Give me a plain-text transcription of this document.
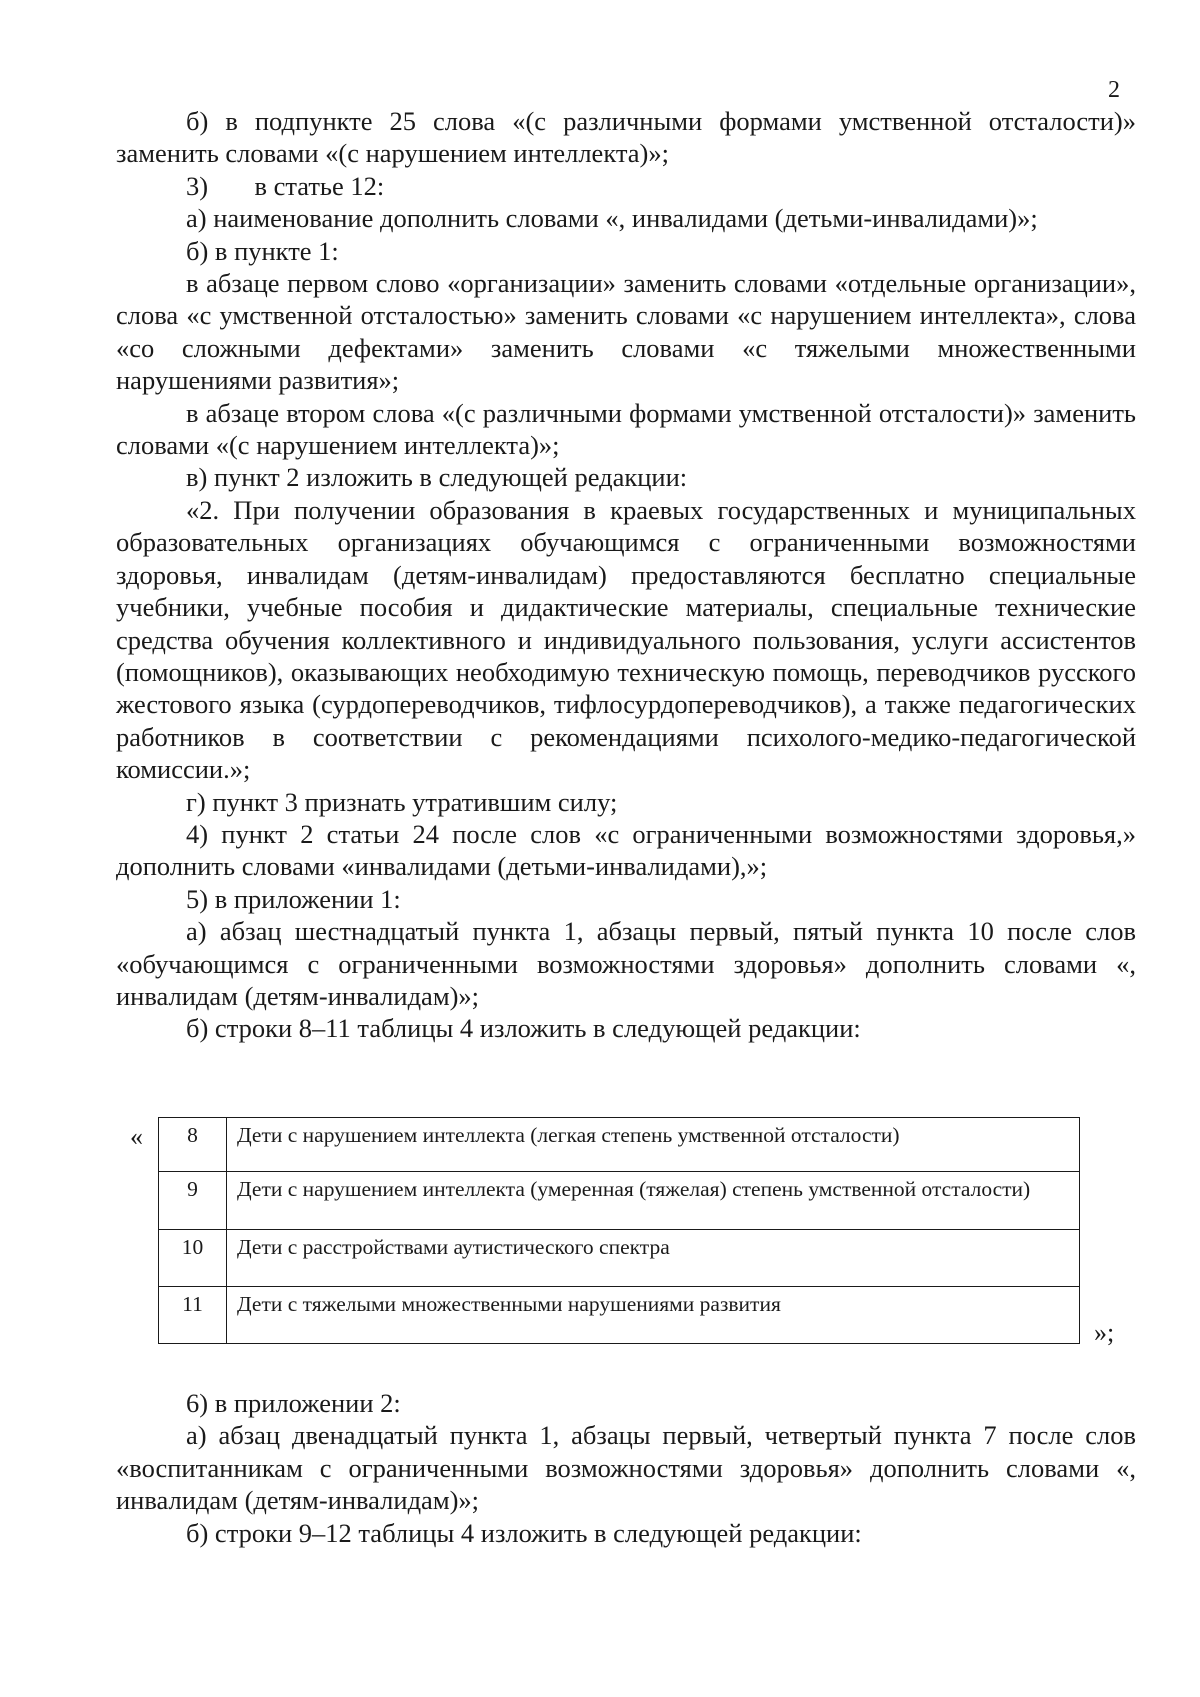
2

б) в подпункте 25 слова «(с различными формами умственной отсталости)» заменить словами «(с нарушением интеллекта)»;

3)       в статье 12:

а) наименование дополнить словами «, инвалидами (детьми-инвалидами)»;

б) в пункте 1:

в абзаце первом слово «организации» заменить словами «отдельные организации», слова «с умственной отсталостью» заменить словами «с нарушением интеллекта», слова «со сложными дефектами» заменить словами «с тяжелыми множественными нарушениями развития»;

в абзаце втором слова «(с различными формами умственной отсталости)» заменить словами «(с нарушением интеллекта)»;

в) пункт 2 изложить в следующей редакции:

«2. При получении образования в краевых государственных и муниципальных образовательных организациях обучающимся с ограниченными возможностями здоровья, инвалидам (детям-инвалидам) предоставляются бесплатно специальные учебники, учебные пособия и дидактические материалы, специальные технические средства обучения коллективного и индивидуального пользования, услуги ассистентов (помощников), оказывающих необходимую техническую помощь, переводчиков русского жестового языка (сурдопереводчиков, тифлосурдопереводчиков), а также педагогических работников в соответствии с рекомендациями психолого-медико-педагогической комиссии.»;

г) пункт 3 признать утратившим силу;

4) пункт 2 статьи 24 после слов «с ограниченными возможностями здоровья,» дополнить словами «инвалидами (детьми-инвалидами),»;

5) в приложении 1:

а) абзац шестнадцатый пункта 1, абзацы первый, пятый пункта 10 после слов «обучающимся с ограниченными возможностями здоровья» дополнить словами «, инвалидам (детям-инвалидам)»;

б) строки 8–11 таблицы 4 изложить в следующей редакции:

« 8	Дети с нарушением интеллекта (легкая степень умственной отсталости)
9	Дети с нарушением интеллекта (умеренная (тяжелая) степень умственной отсталости)
10	Дети с расстройствами аутистического спектра
11	Дети с тяжелыми множественными нарушениями развития
»;

6) в приложении 2:

а) абзац двенадцатый пункта 1, абзацы первый, четвертый пункта 7 после слов «воспитанникам с ограниченными возможностями здоровья» дополнить словами «, инвалидам (детям-инвалидам)»;

б) строки 9–12 таблицы 4 изложить в следующей редакции:
